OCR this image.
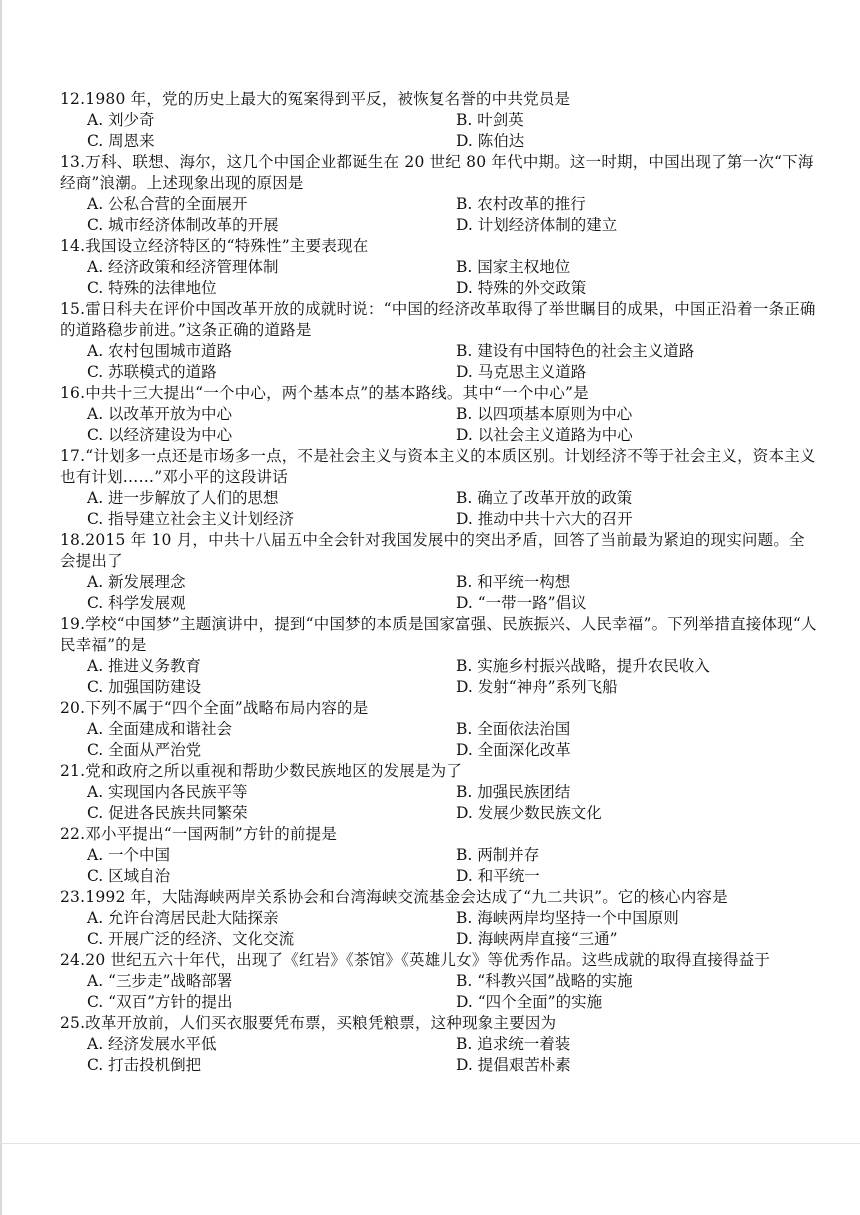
12.1980 年，党的历史上最大的冤案得到平反，被恢复名誉的中共党员是
A. 刘少奇	B. 叶剑英
C. 周恩来	D. 陈伯达
13.万科、联想、海尔，这几个中国企业都诞生在 20 世纪 80 年代中期。这一时期，中国出现了第一次“下海经商”浪潮。上述现象出现的原因是
A. 公私合营的全面展开	B. 农村改革的推行
C. 城市经济体制改革的开展	D. 计划经济体制的建立
14.我国设立经济特区的“特殊性”主要表现在
A. 经济政策和经济管理体制	B. 国家主权地位
C. 特殊的法律地位	D. 特殊的外交政策
15.雷日科夫在评价中国改革开放的成就时说：“中国的经济改革取得了举世瞩目的成果，中国正沿着一条正确的道路稳步前进。”这条正确的道路是
A. 农村包围城市道路	B. 建设有中国特色的社会主义道路
C. 苏联模式的道路	D. 马克思主义道路
16.中共十三大提出“一个中心，两个基本点”的基本路线。其中“一个中心”是
A. 以改革开放为中心	B. 以四项基本原则为中心
C. 以经济建设为中心	D. 以社会主义道路为中心
17.“计划多一点还是市场多一点，不是社会主义与资本主义的本质区别。计划经济不等于社会主义，资本主义也有计划……”邓小平的这段讲话
A. 进一步解放了人们的思想	B. 确立了改革开放的政策
C. 指导建立社会主义计划经济	D. 推动中共十六大的召开
18.2015 年 10 月，中共十八届五中全会针对我国发展中的突出矛盾，回答了当前最为紧迫的现实问题。全会提出了
A. 新发展理念	B. 和平统一构想
C. 科学发展观	D. “一带一路”倡议
19.学校“中国梦”主题演讲中，提到“中国梦的本质是国家富强、民族振兴、人民幸福”。下列举措直接体现“人民幸福”的是
A. 推进义务教育	B. 实施乡村振兴战略，提升农民收入
C. 加强国防建设	D. 发射“神舟”系列飞船
20.下列不属于“四个全面”战略布局内容的是
A. 全面建成和谐社会	B. 全面依法治国
C. 全面从严治党	D. 全面深化改革
21.党和政府之所以重视和帮助少数民族地区的发展是为了
A. 实现国内各民族平等	B. 加强民族团结
C. 促进各民族共同繁荣	D. 发展少数民族文化
22.邓小平提出“一国两制”方针的前提是
A. 一个中国	B. 两制并存
C. 区域自治	D. 和平统一
23.1992 年，大陆海峡两岸关系协会和台湾海峡交流基金会达成了“九二共识”。它的核心内容是
A. 允许台湾居民赴大陆探亲	B. 海峡两岸均坚持一个中国原则
C. 开展广泛的经济、文化交流	D. 海峡两岸直接“三通”
24.20 世纪五六十年代，出现了《红岩》《茶馆》《英雄儿女》等优秀作品。这些成就的取得直接得益于
A. “三步走”战略部署	B. “科教兴国”战略的实施
C. “双百”方针的提出	D. “四个全面”的实施
25.改革开放前，人们买衣服要凭布票，买粮凭粮票，这种现象主要因为
A. 经济发展水平低	B. 追求统一着装
C. 打击投机倒把	D. 提倡艰苦朴素
